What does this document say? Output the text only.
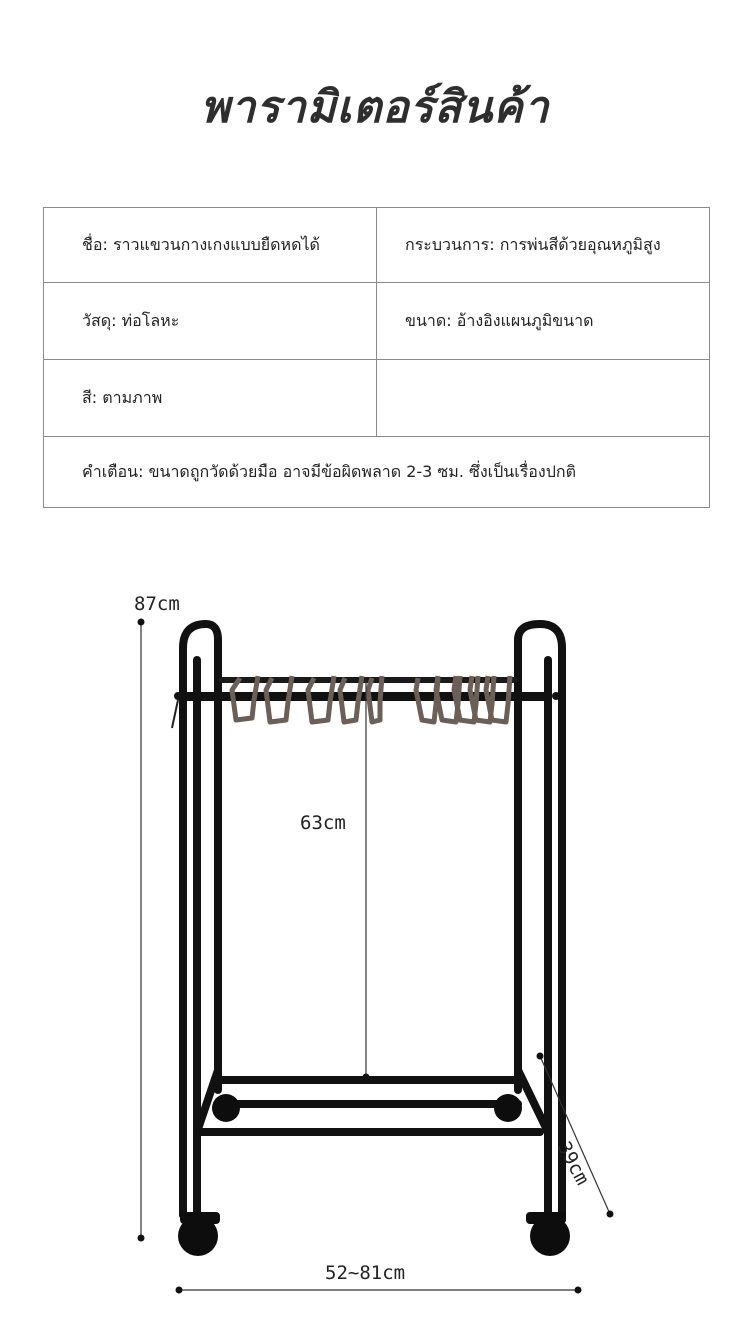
พารามิเตอร์สินค้า
ชื่อ: ราวแขวนกางเกงแบบยืดหดได้	กระบวนการ: การพ่นสีด้วยอุณหภูมิสูง
วัสดุ: ท่อโลหะ	ขนาด: อ้างอิงแผนภูมิขนาด
สี: ตามภาพ	
คำเตือน: ขนาดถูกวัดด้วยมือ อาจมีข้อผิดพลาด 2-3 ซม. ซึ่งเป็นเรื่องปกติ	
87cm
63cm
39cm
52~81cm
